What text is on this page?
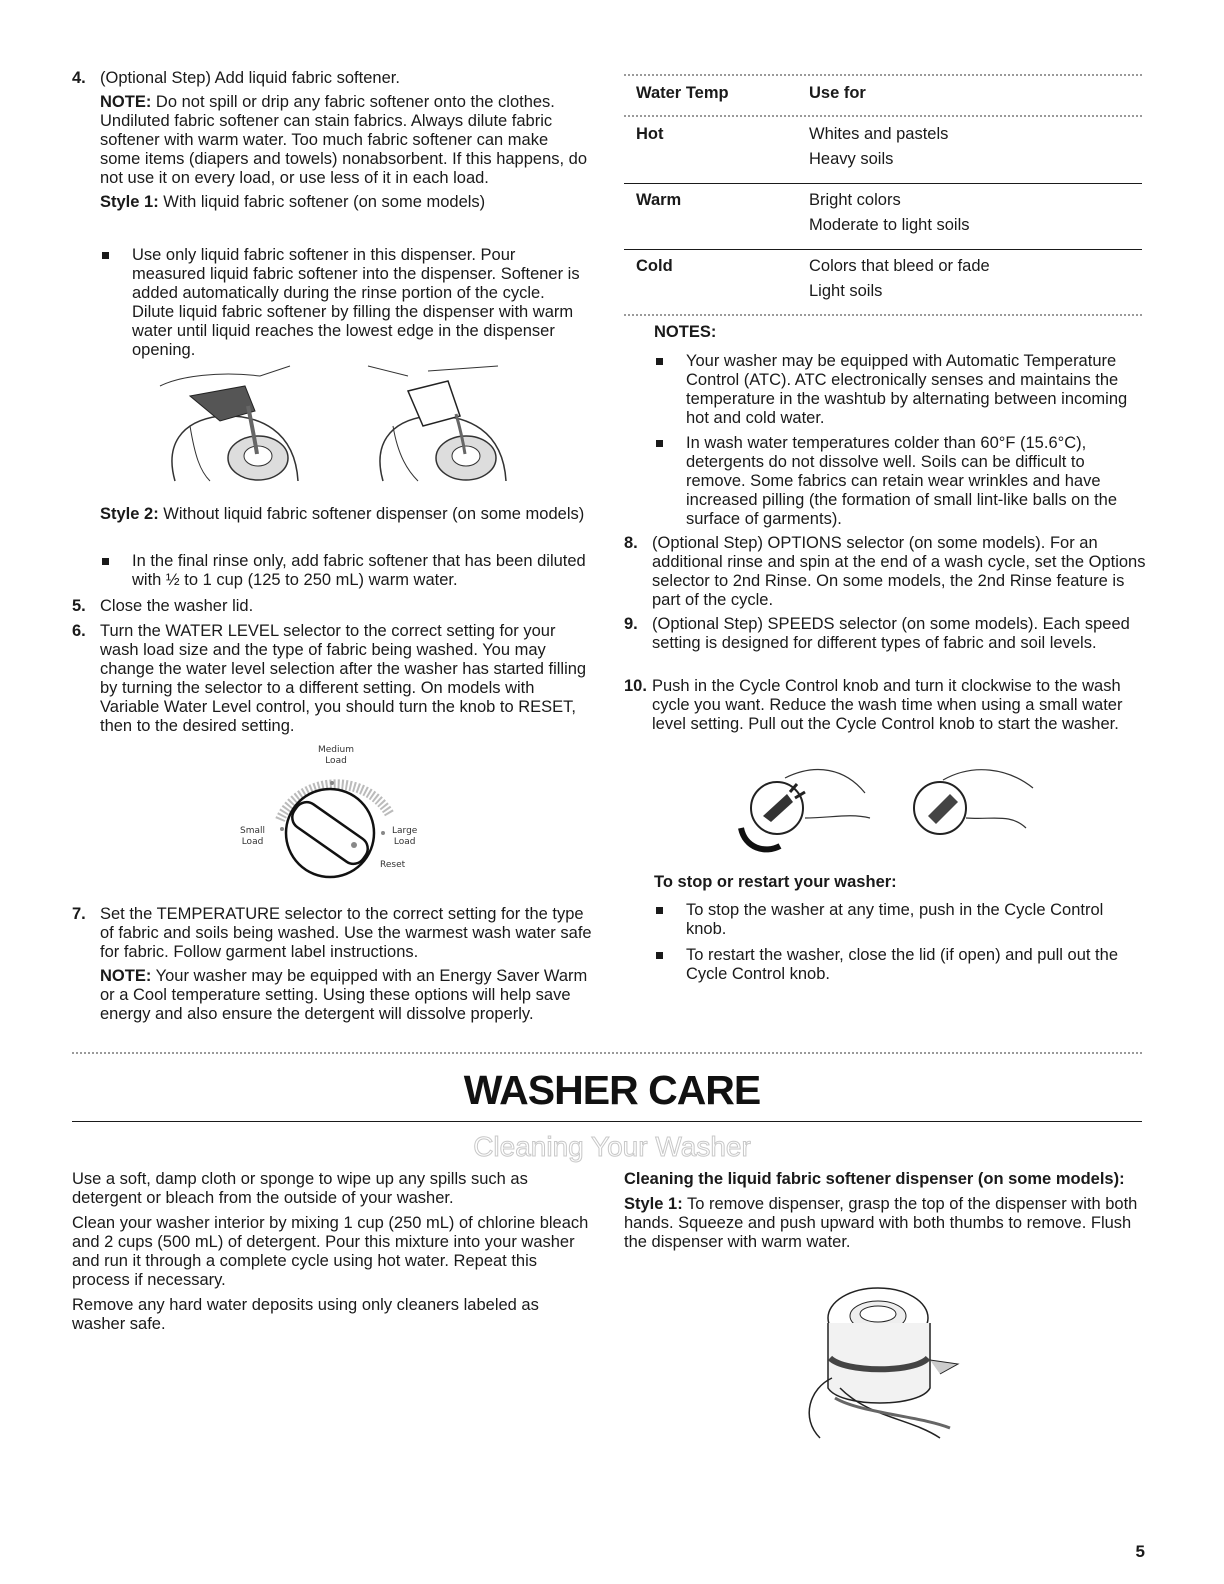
4. (Optional Step) Add liquid fabric softener.
NOTE: Do not spill or drip any fabric softener onto the clothes. Undiluted fabric softener can stain fabrics. Always dilute fabric softener with warm water. Too much fabric softener can make some items (diapers and towels) nonabsorbent. If this happens, do not use it on every load, or use less of it in each load.
Style 1: With liquid fabric softener (on some models)
Use only liquid fabric softener in this dispenser. Pour measured liquid fabric softener into the dispenser. Softener is added automatically during the rinse portion of the cycle. Dilute liquid fabric softener by filling the dispenser with warm water until liquid reaches the lowest edge in the dispenser opening.
Style 2: Without liquid fabric softener dispenser (on some models)
In the final rinse only, add fabric softener that has been diluted with ½ to 1 cup (125 to 250 mL) warm water.
5. Close the washer lid.
6. Turn the WATER LEVEL selector to the correct setting for your wash load size and the type of fabric being washed. You may change the water level selection after the washer has started filling by turning the selector to a different setting. On models with Variable Water Level control, you should turn the knob to RESET, then to the desired setting.
Medium
Load
Small
Load
Large
Load
Reset
7. Set the TEMPERATURE selector to the correct setting for the type of fabric and soils being washed. Use the warmest wash water safe for fabric. Follow garment label instructions.
NOTE: Your washer may be equipped with an Energy Saver Warm or a Cool temperature setting. Using these options will help save energy and also ensure the detergent will dissolve properly.
Water Temp	Use for
Hot	Whites and pastels
Heavy soils
Warm	Bright colors
Moderate to light soils
Cold	Colors that bleed or fade
Light soils
NOTES:
Your washer may be equipped with Automatic Temperature Control (ATC). ATC electronically senses and maintains the temperature in the washtub by alternating between incoming hot and cold water.
In wash water temperatures colder than 60°F (15.6°C), detergents do not dissolve well. Soils can be difficult to remove. Some fabrics can retain wear wrinkles and have increased pilling (the formation of small lint-like balls on the surface of garments).
8. (Optional Step) OPTIONS selector (on some models). For an additional rinse and spin at the end of a wash cycle, set the Options selector to 2nd Rinse. On some models, the 2nd Rinse feature is part of the cycle.
9. (Optional Step) SPEEDS selector (on some models). Each speed setting is designed for different types of fabric and soil levels.
10. Push in the Cycle Control knob and turn it clockwise to the wash cycle you want. Reduce the wash time when using a small water level setting. Pull out the Cycle Control knob to start the washer.
To stop or restart your washer:
To stop the washer at any time, push in the Cycle Control knob.
To restart the washer, close the lid (if open) and pull out the Cycle Control knob.
WASHER CARE
Cleaning Your Washer
Use a soft, damp cloth or sponge to wipe up any spills such as detergent or bleach from the outside of your washer.
Clean your washer interior by mixing 1 cup (250 mL) of chlorine bleach and 2 cups (500 mL) of detergent. Pour this mixture into your washer and run it through a complete cycle using hot water. Repeat this process if necessary.
Remove any hard water deposits using only cleaners labeled as washer safe.
Cleaning the liquid fabric softener dispenser (on some models):
Style 1: To remove dispenser, grasp the top of the dispenser with both hands. Squeeze and push upward with both thumbs to remove. Flush the dispenser with warm water.
5
